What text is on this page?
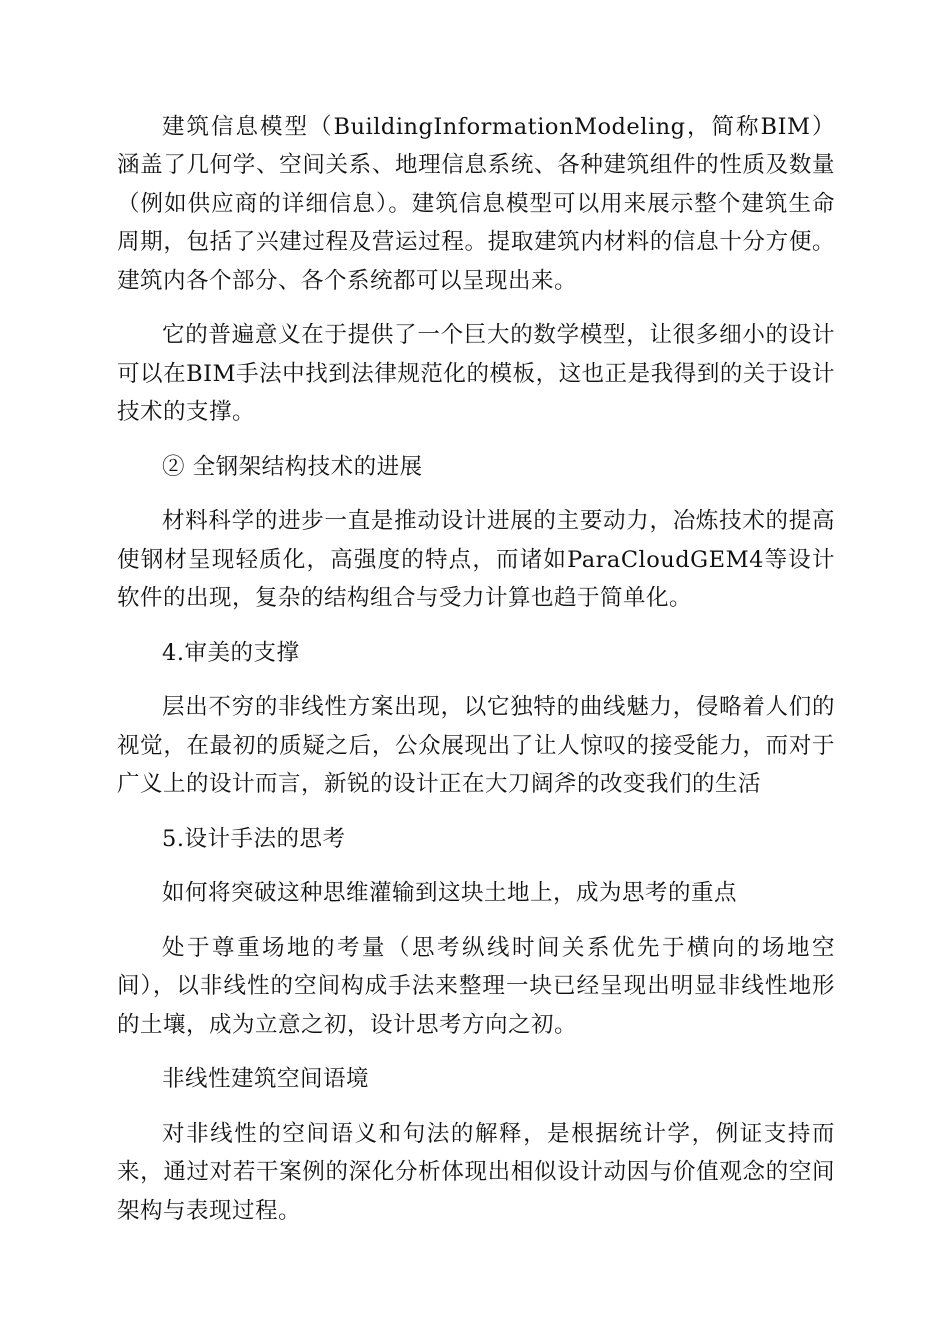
建筑信息模型（BuildingInformationModeling，简称BIM）涵盖了几何学、空间关系、地理信息系统、各种建筑组件的性质及数量（例如供应商的详细信息）。建筑信息模型可以用来展示整个建筑生命周期，包括了兴建过程及营运过程。提取建筑内材料的信息十分方便。建筑内各个部分、各个系统都可以呈现出来。

它的普遍意义在于提供了一个巨大的数学模型，让很多细小的设计可以在BIM手法中找到法律规范化的模板，这也正是我得到的关于设计技术的支撑。

② 全钢架结构技术的进展

材料科学的进步一直是推动设计进展的主要动力，冶炼技术的提高使钢材呈现轻质化，高强度的特点，而诸如ParaCloudGEM4等设计软件的出现，复杂的结构组合与受力计算也趋于简单化。

4.审美的支撑

层出不穷的非线性方案出现，以它独特的曲线魅力，侵略着人们的视觉，在最初的质疑之后，公众展现出了让人惊叹的接受能力，而对于广义上的设计而言，新锐的设计正在大刀阔斧的改变我们的生活

5.设计手法的思考

如何将突破这种思维灌输到这块土地上，成为思考的重点

处于尊重场地的考量（思考纵线时间关系优先于横向的场地空间），以非线性的空间构成手法来整理一块已经呈现出明显非线性地形的土壤，成为立意之初，设计思考方向之初。

非线性建筑空间语境

对非线性的空间语义和句法的解释，是根据统计学，例证支持而来，通过对若干案例的深化分析体现出相似设计动因与价值观念的空间架构与表现过程。
